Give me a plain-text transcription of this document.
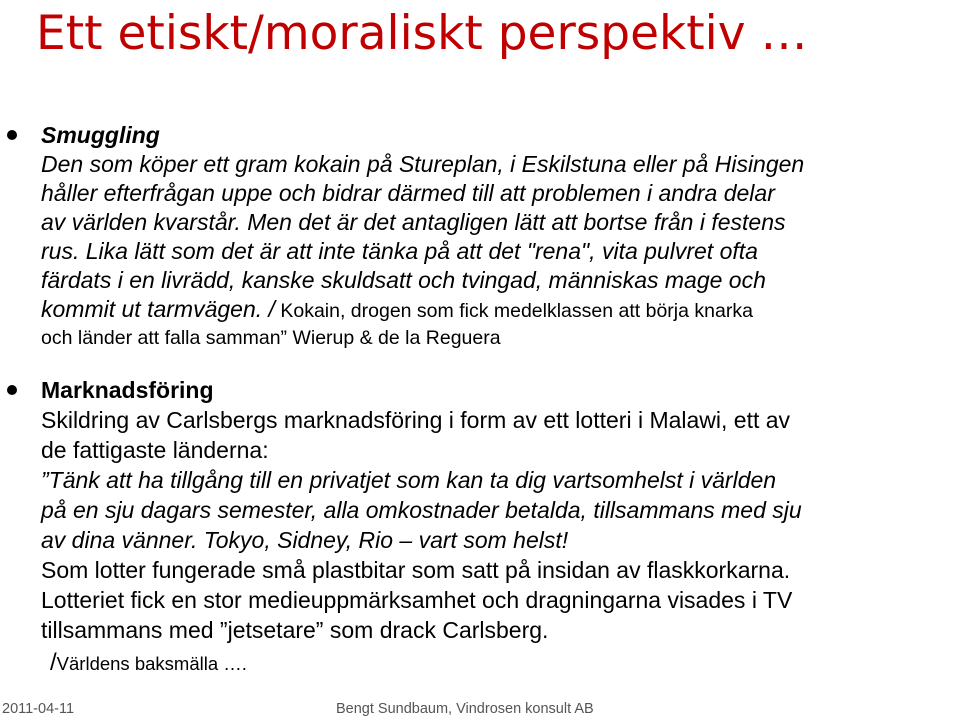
Ett etiskt/moraliskt perspektiv …
Smuggling
Den som köper ett gram kokain på Stureplan, i Eskilstuna eller på Hisingen
håller efterfrågan uppe och bidrar därmed till att problemen i andra delar
av världen kvarstår. Men det är det antagligen lätt att bortse från i festens
rus. Lika lätt som det är att inte tänka på att det "rena", vita pulvret ofta
färdats i en livrädd, kanske skuldsatt och tvingad, människas mage och
kommit ut tarmvägen. / Kokain, drogen som fick medelklassen att börja knarka
och länder att falla samman” Wierup & de la Reguera
Marknadsföring
Skildring av Carlsbergs marknadsföring i form av ett lotteri i Malawi, ett av
de fattigaste länderna:
”Tänk att ha tillgång till en privatjet som kan ta dig vartsomhelst i världen
på en sju dagars semester, alla omkostnader betalda, tillsammans med sju
av dina vänner. Tokyo, Sidney, Rio – vart som helst!
Som lotter fungerade små plastbitar som satt på insidan av flaskkorkarna.
Lotteriet fick en stor medieuppmärksamhet och dragningarna visades i TV
tillsammans med ”jetsetare” som drack Carlsberg.
/Världens baksmälla ….
2011-04-11	Bengt Sundbaum, Vindrosen konsult AB
